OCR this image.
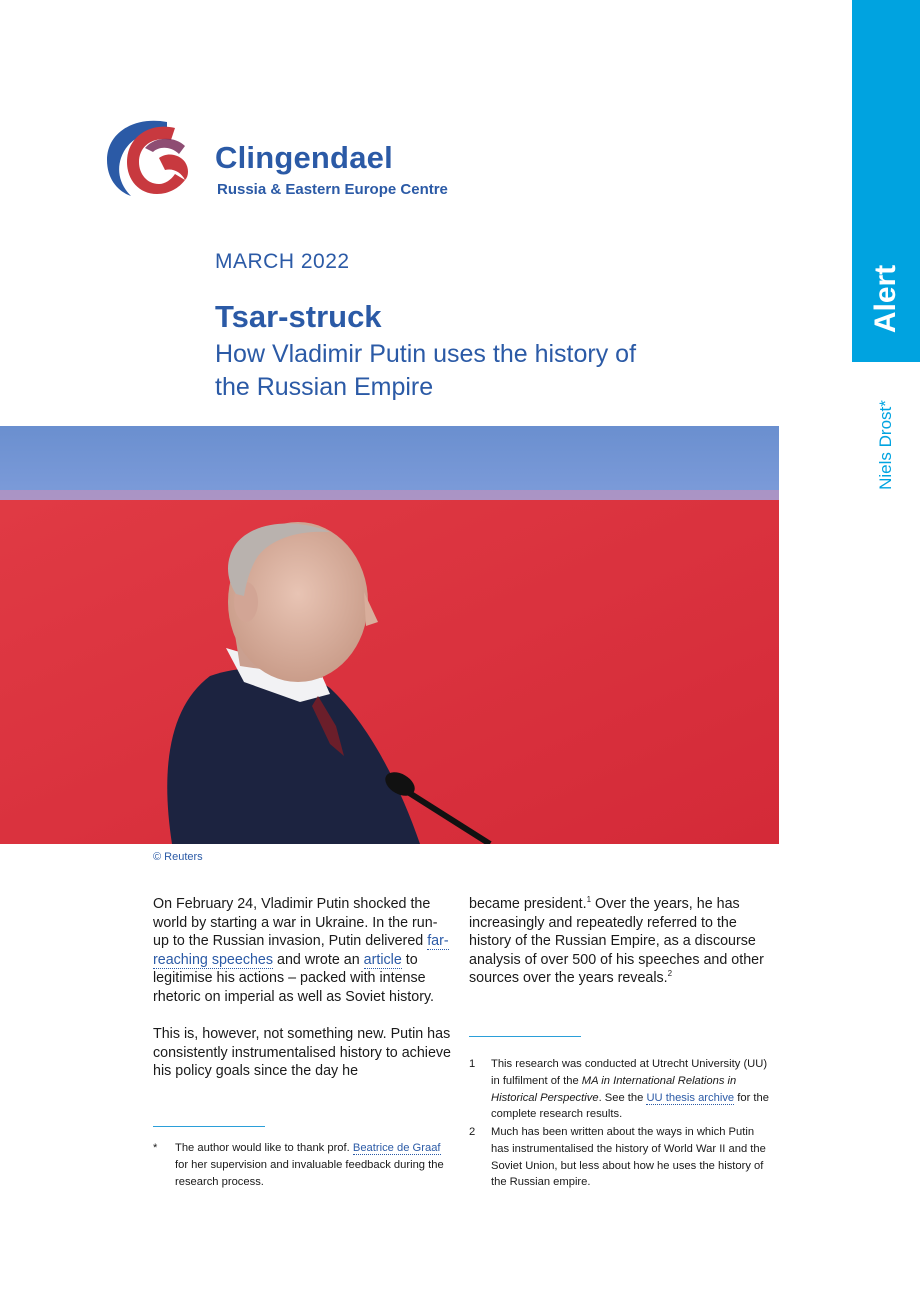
Alert
Niels Drost*
Clingendael
Russia & Eastern Europe Centre
MARCH 2022
Tsar-struck
How Vladimir Putin uses the history of the Russian Empire
© Reuters

On February 24, Vladimir Putin shocked the world by starting a war in Ukraine. In the run-up to the Russian invasion, Putin delivered far-reaching speeches and wrote an article to legitimise his actions – packed with intense rhetoric on imperial as well as Soviet history.

This is, however, not something new. Putin has consistently instrumentalised history to achieve his policy goals since the day he

became president.$^1$ Over the years, he has increasingly and repeatedly referred to the history of the Russian Empire, as a discourse analysis of over 500 of his speeches and other sources over the years reveals.$^2$

* The author would like to thank prof. Beatrice de Graaf for her supervision and invaluable feedback during the research process.
1 This research was conducted at Utrecht University (UU) in fulfilment of the MA in International Relations in Historical Perspective. See the UU thesis archive for the complete research results.
2 Much has been written about the ways in which Putin has instrumentalised the history of World War II and the Soviet Union, but less about how he uses the history of the Russian empire.
